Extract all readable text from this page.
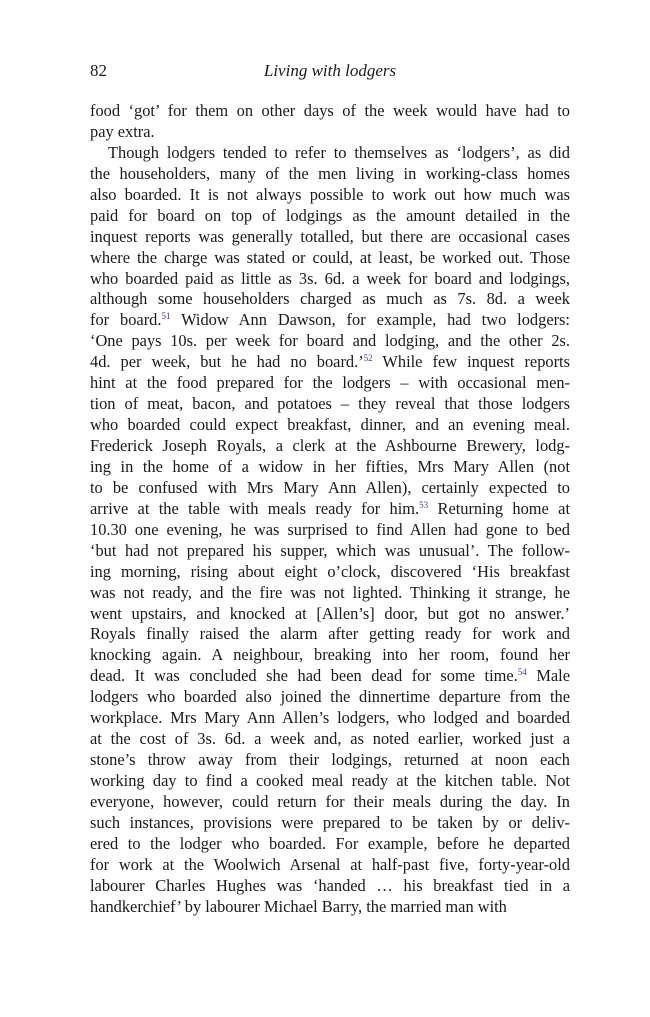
82	Living with lodgers
food ‘got’ for them on other days of the week would have had to
pay extra.
Though lodgers tended to refer to themselves as ‘lodgers’, as did
the householders, many of the men living in working-class homes
also boarded. It is not always possible to work out how much was
paid for board on top of lodgings as the amount detailed in the
inquest reports was generally totalled, but there are occasional cases
where the charge was stated or could, at least, be worked out. Those
who boarded paid as little as 3s. 6d. a week for board and lodgings,
although some householders charged as much as 7s. 8d. a week
for board.$^{51}$ Widow Ann Dawson, for example, had two lodgers:
‘One pays 10s. per week for board and lodging, and the other 2s.
4d. per week, but he had no board.’$^{52}$ While few inquest reports
hint at the food prepared for the lodgers – with occasional men-
tion of meat, bacon, and potatoes – they reveal that those lodgers
who boarded could expect breakfast, dinner, and an evening meal.
Frederick Joseph Royals, a clerk at the Ashbourne Brewery, lodg-
ing in the home of a widow in her fifties, Mrs Mary Allen (not
to be confused with Mrs Mary Ann Allen), certainly expected to
arrive at the table with meals ready for him.$^{53}$ Returning home at
10.30 one evening, he was surprised to find Allen had gone to bed
‘but had not prepared his supper, which was unusual’. The follow-
ing morning, rising about eight o’clock, discovered ‘His breakfast
was not ready, and the fire was not lighted. Thinking it strange, he
went upstairs, and knocked at [Allen’s] door, but got no answer.’
Royals finally raised the alarm after getting ready for work and
knocking again. A neighbour, breaking into her room, found her
dead. It was concluded she had been dead for some time.$^{54}$ Male
lodgers who boarded also joined the dinnertime departure from the
workplace. Mrs Mary Ann Allen’s lodgers, who lodged and boarded
at the cost of 3s. 6d. a week and, as noted earlier, worked just a
stone’s throw away from their lodgings, returned at noon each
working day to find a cooked meal ready at the kitchen table. Not
everyone, however, could return for their meals during the day. In
such instances, provisions were prepared to be taken by or deliv-
ered to the lodger who boarded. For example, before he departed
for work at the Woolwich Arsenal at half-past five, forty-year-old
labourer Charles Hughes was ‘handed … his breakfast tied in a
handkerchief’ by labourer Michael Barry, the married man with
